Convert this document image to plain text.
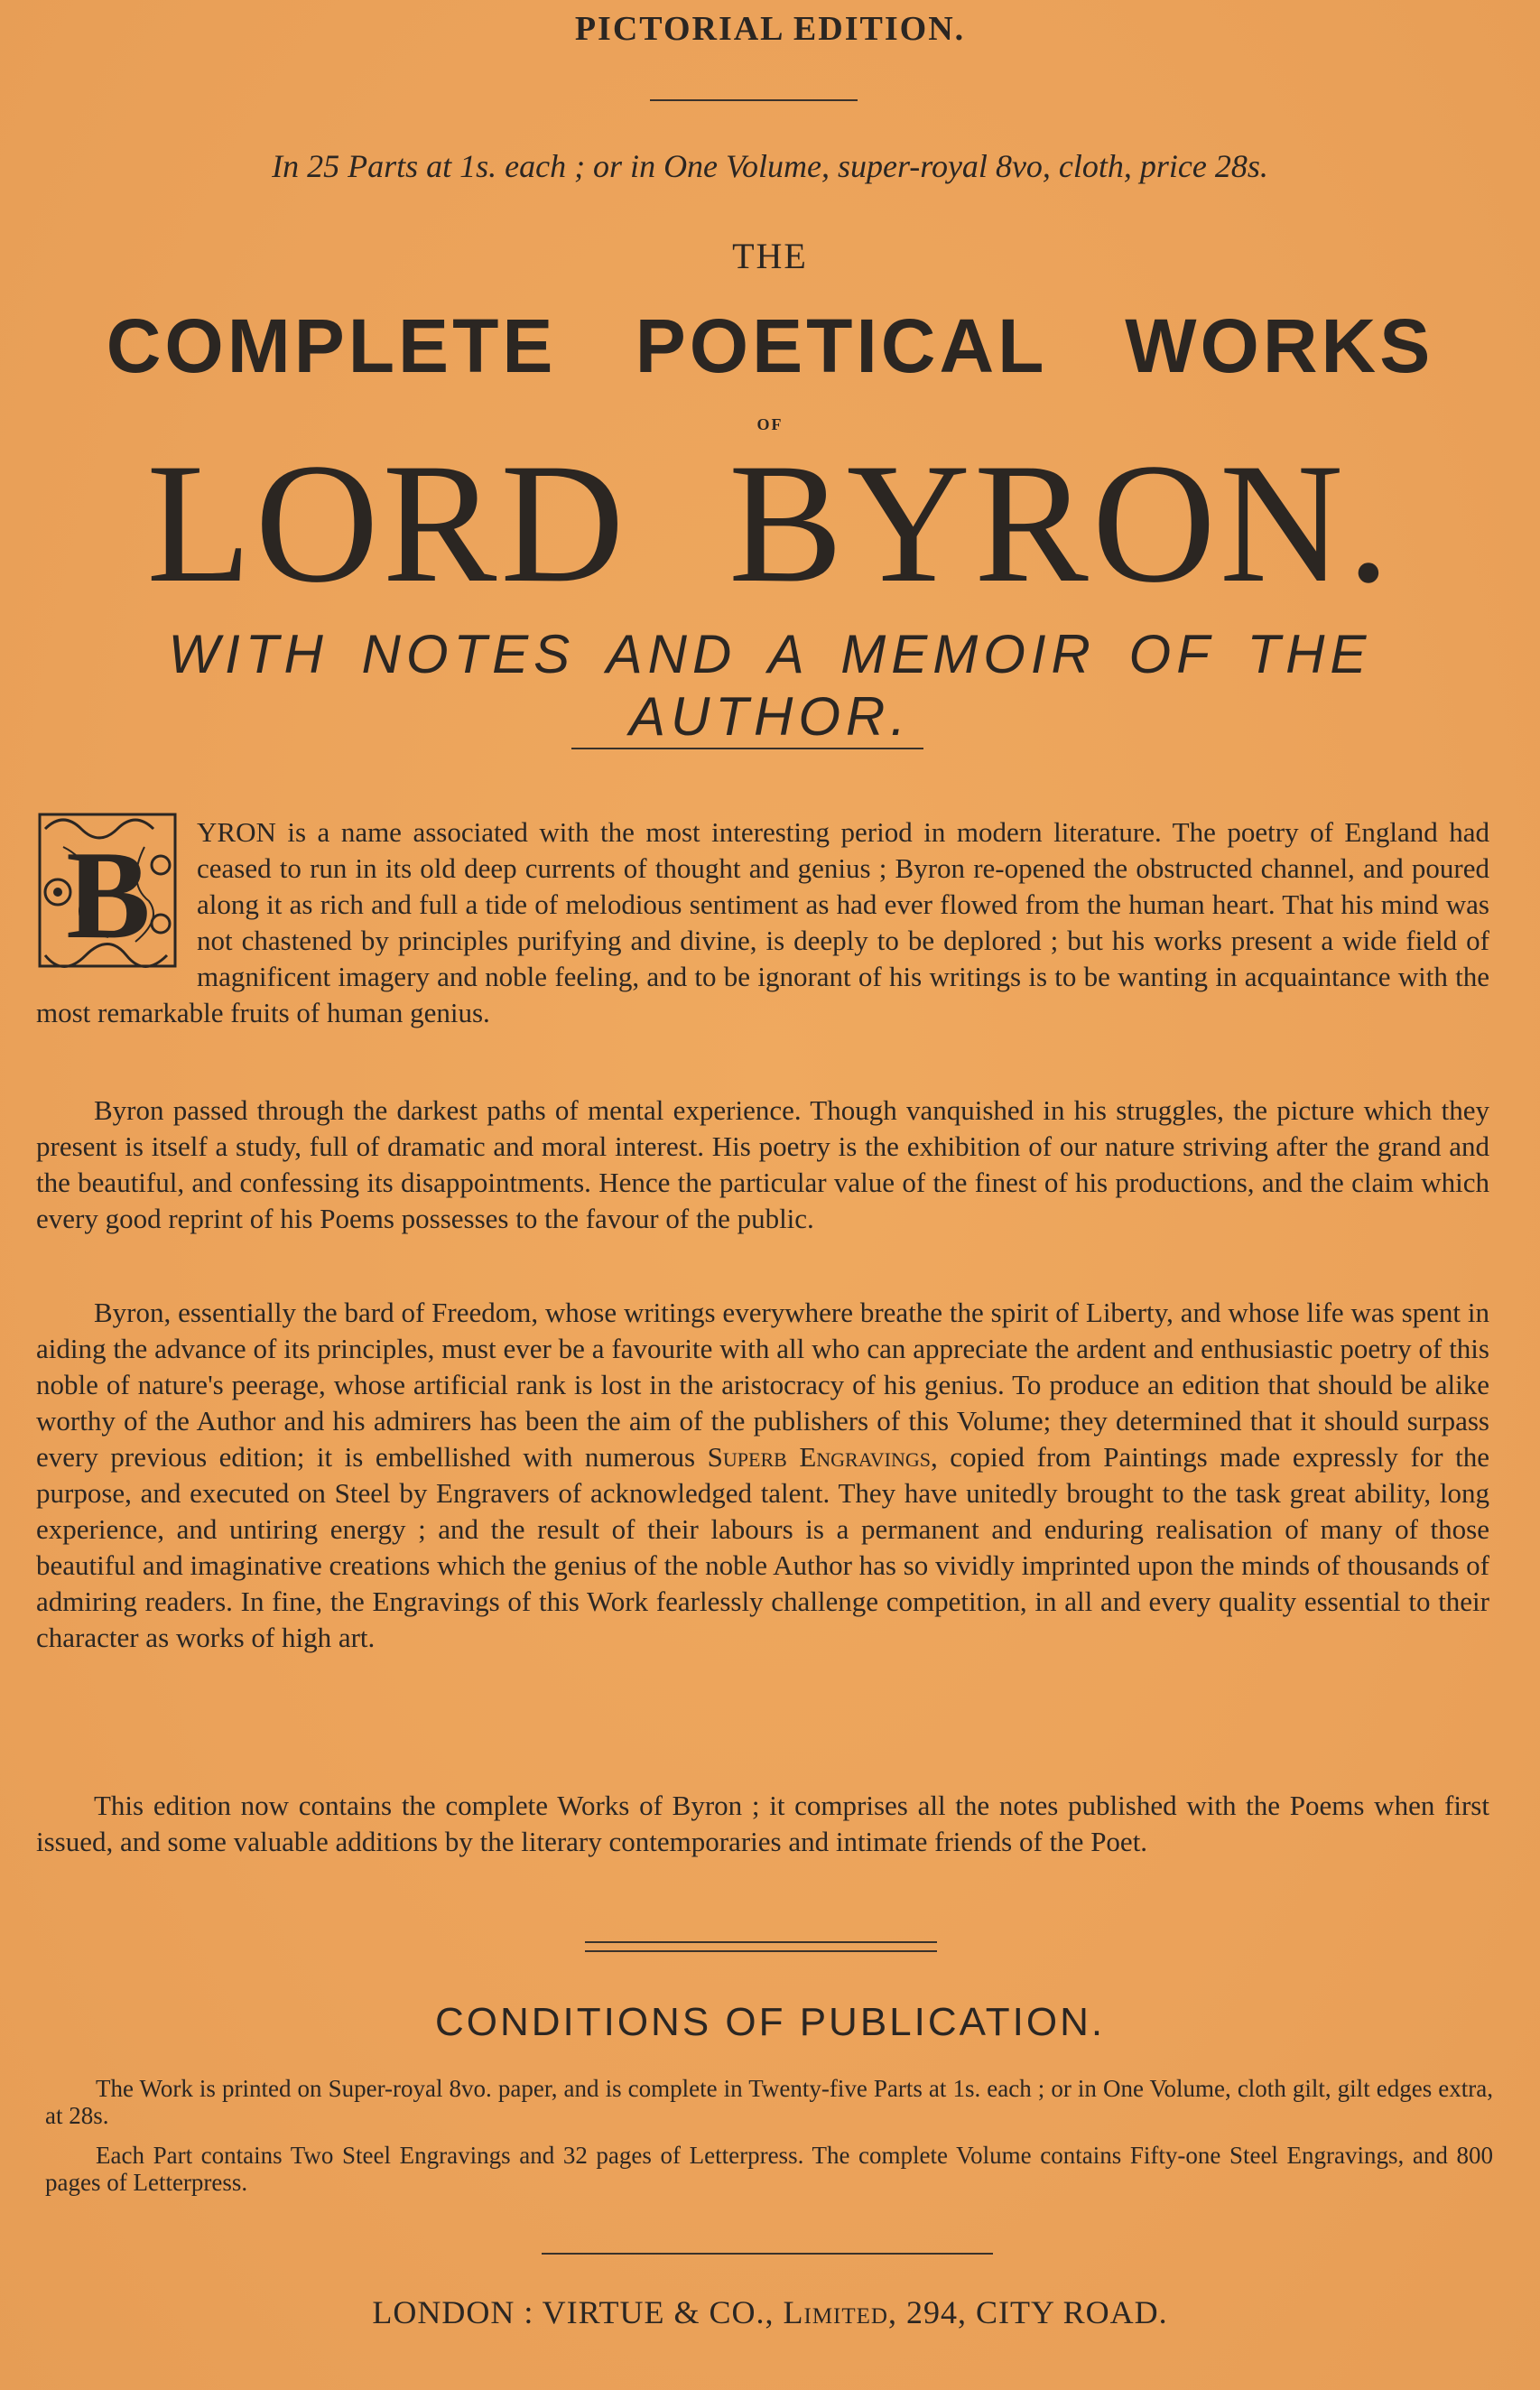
PICTORIAL EDITION.
In 25 Parts at 1s. each ; or in One Volume, super-royal 8vo, cloth, price 28s.
THE
COMPLETE POETICAL WORKS
OF
LORD BYRON.
WITH NOTES AND A MEMOIR OF THE AUTHOR.
B	YRON is a name associated with the most interesting period in modern literature. The poetry of England had ceased to run in its old deep currents of thought and genius ; Byron re-opened the obstructed channel, and poured along it as rich and full a tide of melodious sentiment as had ever flowed from the human heart. That his mind was not chastened by principles purifying and divine, is deeply to be deplored ; but his works present a wide field of magnificent imagery and noble feeling, and to be ignorant of his writings is to be wanting in acquaintance with the most remarkable fruits of human genius.

Byron passed through the darkest paths of mental experience. Though vanquished in his struggles, the picture which they present is itself a study, full of dramatic and moral interest. His poetry is the exhibition of our nature striving after the grand and the beautiful, and confessing its disappointments. Hence the particular value of the finest of his productions, and the claim which every good reprint of his Poems possesses to the favour of the public.

Byron, essentially the bard of Freedom, whose writings everywhere breathe the spirit of Liberty, and whose life was spent in aiding the advance of its principles, must ever be a favourite with all who can appreciate the ardent and enthusiastic poetry of this noble of nature's peerage, whose artificial rank is lost in the aristocracy of his genius. To produce an edition that should be alike worthy of the Author and his admirers has been the aim of the publishers of this Volume; they determined that it should surpass every previous edition; it is embellished with numerous Superb Engravings, copied from Paintings made expressly for the purpose, and executed on Steel by Engravers of acknowledged talent. They have unitedly brought to the task great ability, long experience, and untiring energy ; and the result of their labours is a permanent and enduring realisation of many of those beautiful and imaginative creations which the genius of the noble Author has so vividly imprinted upon the minds of thousands of admiring readers. In fine, the Engravings of this Work fearlessly challenge competition, in all and every quality essential to their character as works of high art.

This edition now contains the complete Works of Byron ; it comprises all the notes published with the Poems when first issued, and some valuable additions by the literary contemporaries and intimate friends of the Poet.

CONDITIONS OF PUBLICATION.

The Work is printed on Super-royal 8vo. paper, and is complete in Twenty-five Parts at 1s. each ; or in One Volume, cloth gilt, gilt edges extra, at 28s.

Each Part contains Two Steel Engravings and 32 pages of Letterpress. The complete Volume contains Fifty-one Steel Engravings, and 800 pages of Letterpress.

LONDON : VIRTUE & CO., Limited, 294, CITY ROAD.
